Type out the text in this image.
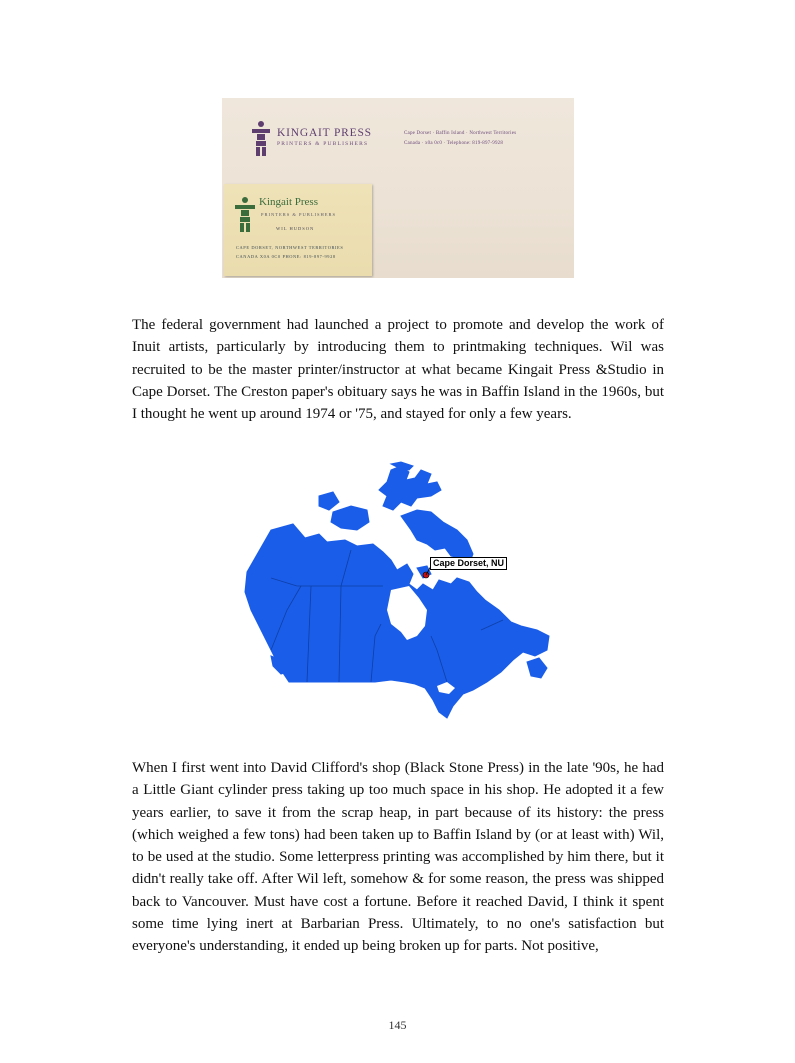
KINGAIT PRESS
PRINTERS & PUBLISHERS
Cape Dorset · Baffin Island · Northwest Territories
Canada · x0a 0c0 · Telephone: 819-897-9928
Kingait Press
PRINTERS & PUBLISHERS
WIL HUDSON
CAPE DORSET, NORTHWEST TERRITORIES
CANADA X0A 0C0 PHONE: 819-897-9928

The federal government had launched a project to promote and develop the work of Inuit artists, particularly by introducing them to printmaking techniques. Wil was recruited to be the master printer/instructor at what became Kingait Press &Studio in Cape Dorset. The Creston paper's obituary says he was in Baffin Island in the 1960s, but I thought he went up around 1974 or '75, and stayed for only a few years.

Cape Dorset, NU

When I first went into David Clifford's shop (Black Stone Press) in the late '90s, he had a Little Giant cylinder press taking up too much space in his shop. He adopted it a few years earlier, to save it from the scrap heap, in part because of its history: the press (which weighed a few tons) had been taken up to Baffin Island by (or at least with) Wil, to be used at the studio. Some letterpress printing was accomplished by him there, but it didn't really take off. After Wil left, somehow & for some reason, the press was shipped back to Vancouver. Must have cost a fortune. Before it reached David, I think it spent some time lying inert at Barbarian Press. Ultimately, to no one's satisfaction but everyone's understanding, it ended up being broken up for parts. Not positive,

145
